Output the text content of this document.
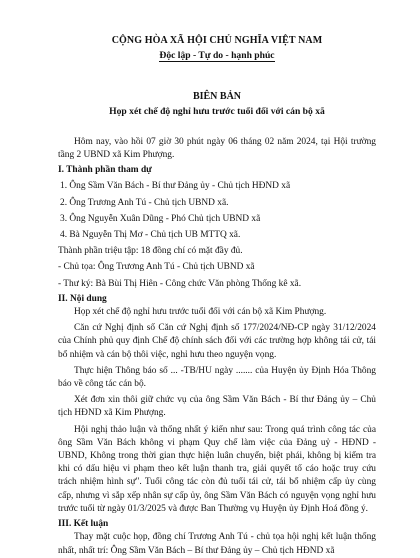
CỘNG HÒA XÃ HỘI CHỦ NGHĨA VIỆT NAM

Độc lập - Tự do - hạnh phúc

BIÊN BẢN

Họp xét chế độ nghỉ hưu trước tuổi đối với cán bộ xã

Hôm nay, vào hồi 07 giờ 30 phút ngày 06 tháng 02 năm 2024, tại Hội trường tầng 2 UBND xã Kim Phượng.

I. Thành phần tham dự

1. Ông Sầm Văn Bách - Bí thư Đảng ủy - Chủ tịch HĐND xã

2. Ông Trương Anh Tú - Chủ tịch UBND xã.

3. Ông Nguyễn Xuân Dũng - Phó Chủ tịch UBND xã

4. Bà Nguyễn Thị Mơ - Chủ tịch UB MTTQ xã.

Thành phần triệu tập: 18 đồng chí có mặt đầy đủ.

- Chủ tọa: Ông Trương Anh Tú - Chủ tịch UBND xã

- Thư ký: Bà Bùi Thị Hiên - Công chức Văn phòng Thống kê xã.

II. Nội dung

Họp xét chế độ nghỉ hưu trước tuổi đối với cán bộ xã Kim Phượng.

Căn cứ Nghị định số Căn cứ Nghị định số 177/2024/NĐ-CP ngày 31/12/2024 của Chính phủ quy định Chế độ chính sách đối với các trường hợp không tái cử, tái bổ nhiệm và cán bộ thôi việc, nghỉ hưu theo nguyện vọng.

Thực hiện Thông báo số ... -TB/HU ngày ....... của Huyện ủy Định Hóa Thông báo về công tác cán bộ.

Xét đơn xin thôi giữ chức vụ của ông Sầm Văn Bách - Bí thư Đảng ủy – Chủ tịch HĐND xã Kim Phượng.

Hội nghị thảo luận và thống nhất ý kiến như sau: Trong quá trình công tác của ông Sầm Văn Bách không vi phạm Quy chế làm việc của Đảng uỷ - HĐND - UBND, Không trong thời gian thực hiện luân chuyển, biệt phái, không bị kiểm tra khi có dấu hiệu vi phạm theo kết luận thanh tra, giải quyết tố cáo hoặc truy cứu trách nhiệm hình sự". Tuổi công tác còn đủ tuổi tái cử, tái bổ nhiệm cấp ủy cùng cấp, nhưng vì sắp xếp nhân sự cấp ủy, ông Sầm Văn Bách có nguyện vọng nghỉ hưu trước tuổi từ ngày 01/3/2025 và được Ban Thường vụ Huyện ủy Định Hoá đồng ý.

III. Kết luận

Thay mặt cuộc họp, đồng chí Trương Anh Tú - chủ tọa hội nghị kết luận thống nhất, nhất trí: Ông Sầm Văn Bách – Bí thư Đảng ủy – Chủ tịch HĐND xã
